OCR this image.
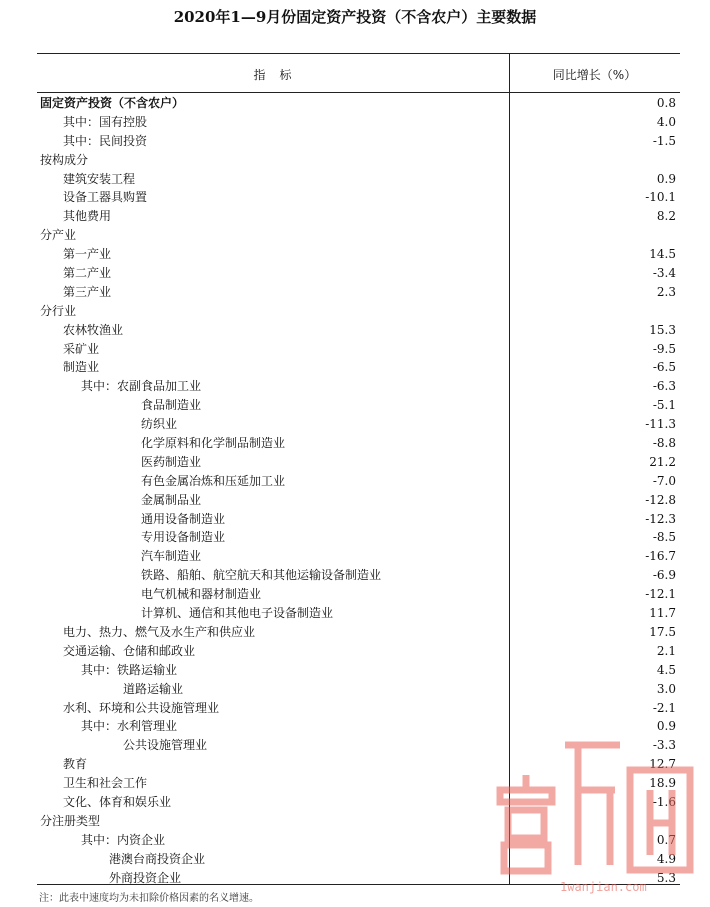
2020年1—9月份固定资产投资（不含农户）主要数据
指　标	同比增长（%）
固定资产投资（不含农户）	0.8
其中：国有控股	4.0
其中：民间投资	-1.5
按构成分
建筑安装工程	0.9
设备工器具购置	-10.1
其他费用	8.2
分产业
第一产业	14.5
第二产业	-3.4
第三产业	2.3
分行业
农林牧渔业	15.3
采矿业	-9.5
制造业	-6.5
其中：农副食品加工业	-6.3
食品制造业	-5.1
纺织业	-11.3
化学原料和化学制品制造业	-8.8
医药制造业	21.2
有色金属冶炼和压延加工业	-7.0
金属制品业	-12.8
通用设备制造业	-12.3
专用设备制造业	-8.5
汽车制造业	-16.7
铁路、船舶、航空航天和其他运输设备制造业	-6.9
电气机械和器材制造业	-12.1
计算机、通信和其他电子设备制造业	11.7
电力、热力、燃气及水生产和供应业	17.5
交通运输、仓储和邮政业	2.1
其中：铁路运输业	4.5
道路运输业	3.0
水利、环境和公共设施管理业	-2.1
其中：水利管理业	0.9
公共设施管理业	-3.3
教育	12.7
卫生和社会工作	18.9
文化、体育和娱乐业	-1.6
分注册类型
其中：内资企业	0.7
港澳台商投资企业	4.9
外商投资企业	5.3
注：此表中速度均为未扣除价格因素的名义增速。
1wanjian.com
